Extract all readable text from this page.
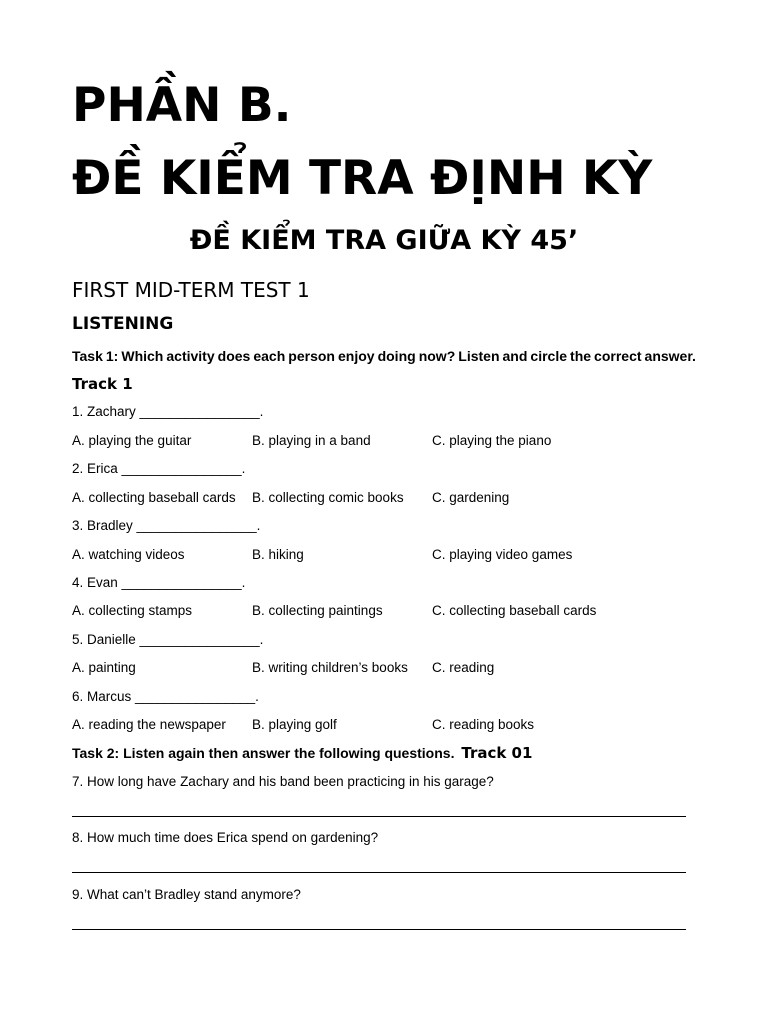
PHẦN B.
ĐỀ KIỂM TRA ĐỊNH KỲ
ĐỀ KIỂM TRA GIỮA KỲ 45’
FIRST MID-TERM TEST 1
LISTENING
Task 1: Which activity does each person enjoy doing now? Listen and circle the correct answer.
Track 1
1. Zachary ________________.
A. playing the guitar	B. playing in a band	C. playing the piano
2. Erica ________________.
A. collecting baseball cards B. collecting comic books C. gardening
3. Bradley ________________.
A. watching videos	B. hiking	C. playing video games
4. Evan ________________.
A. collecting stamps	B. collecting paintings	C. collecting baseball cards
5. Danielle ________________.
A. painting	B. writing children’s books C. reading
6. Marcus ________________.
A. reading the newspaper B. playing golf	C. reading books
Task 2: Listen again then answer the following questions. Track 01
7. How long have Zachary and his band been practicing in his garage?
8. How much time does Erica spend on gardening?
9. What can’t Bradley stand anymore?
